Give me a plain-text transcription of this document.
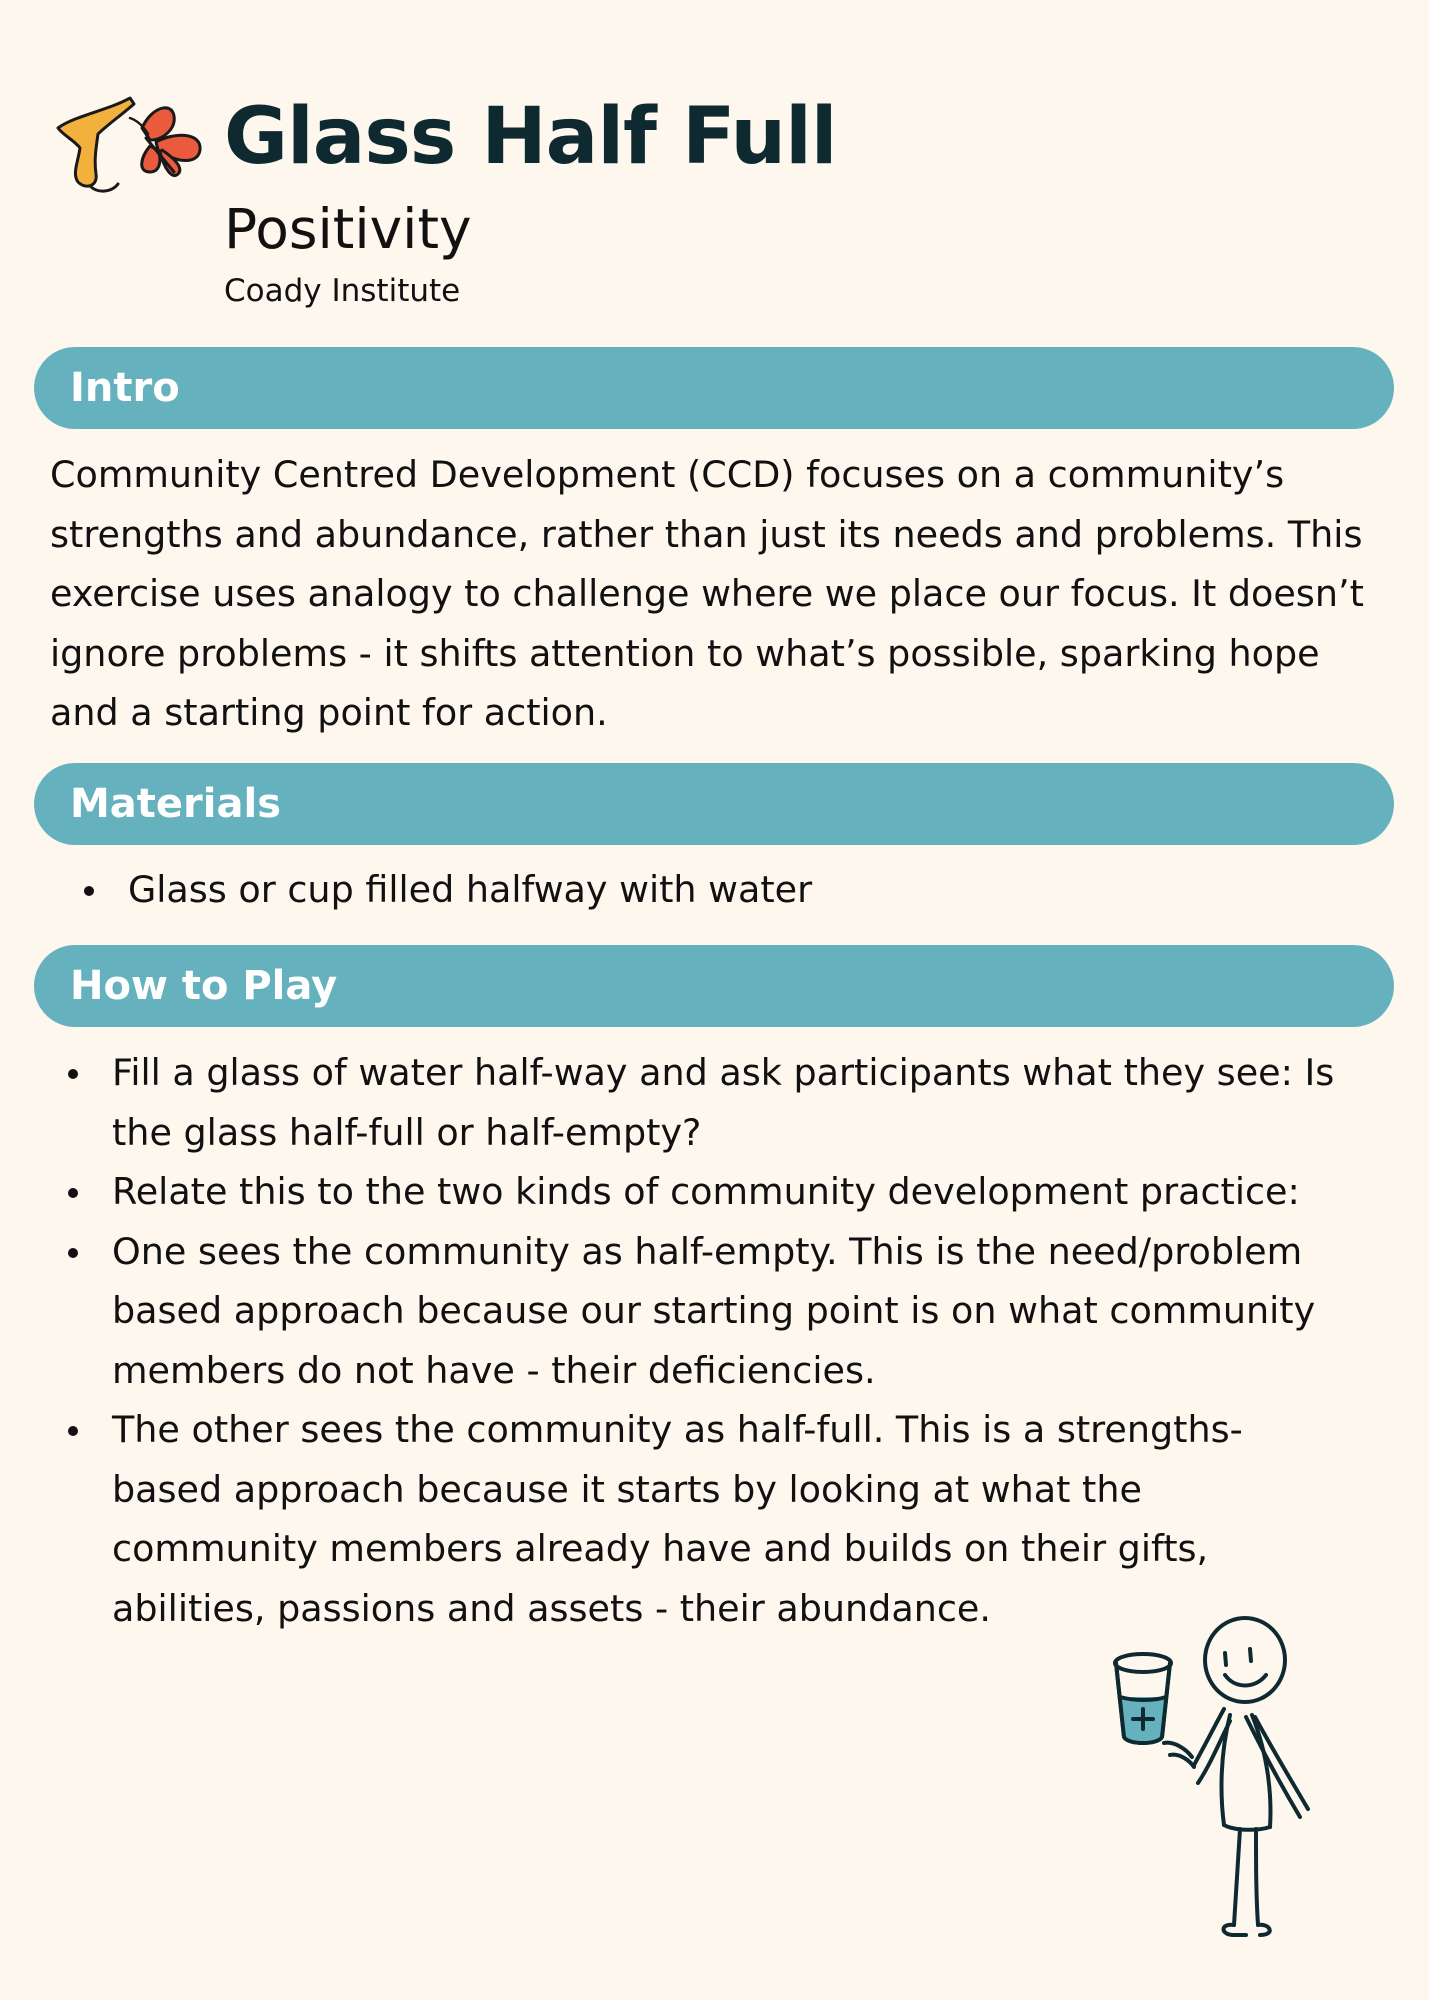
Glass Half Full
Positivity
Coady Institute
Intro

Community Centred Development (CCD) focuses on a community’s strengths and abundance, rather than just its needs and problems. This exercise uses analogy to challenge where we place our focus. It doesn’t ignore problems - it shifts attention to what’s possible, sparking hope and a starting point for action.

Materials
Glass or cup filled halfway with water
How to Play
Fill a glass of water half-way and ask participants what they see: Is the glass half-full or half-empty?
Relate this to the two kinds of community development practice:
One sees the community as half-empty. This is the need/problem based approach because our starting point is on what community members do not have - their deficiencies.
The other sees the community as half-full. This is a strengths-based approach because it starts by looking at what the community members already have and builds on their gifts, abilities, passions and assets - their abundance.
